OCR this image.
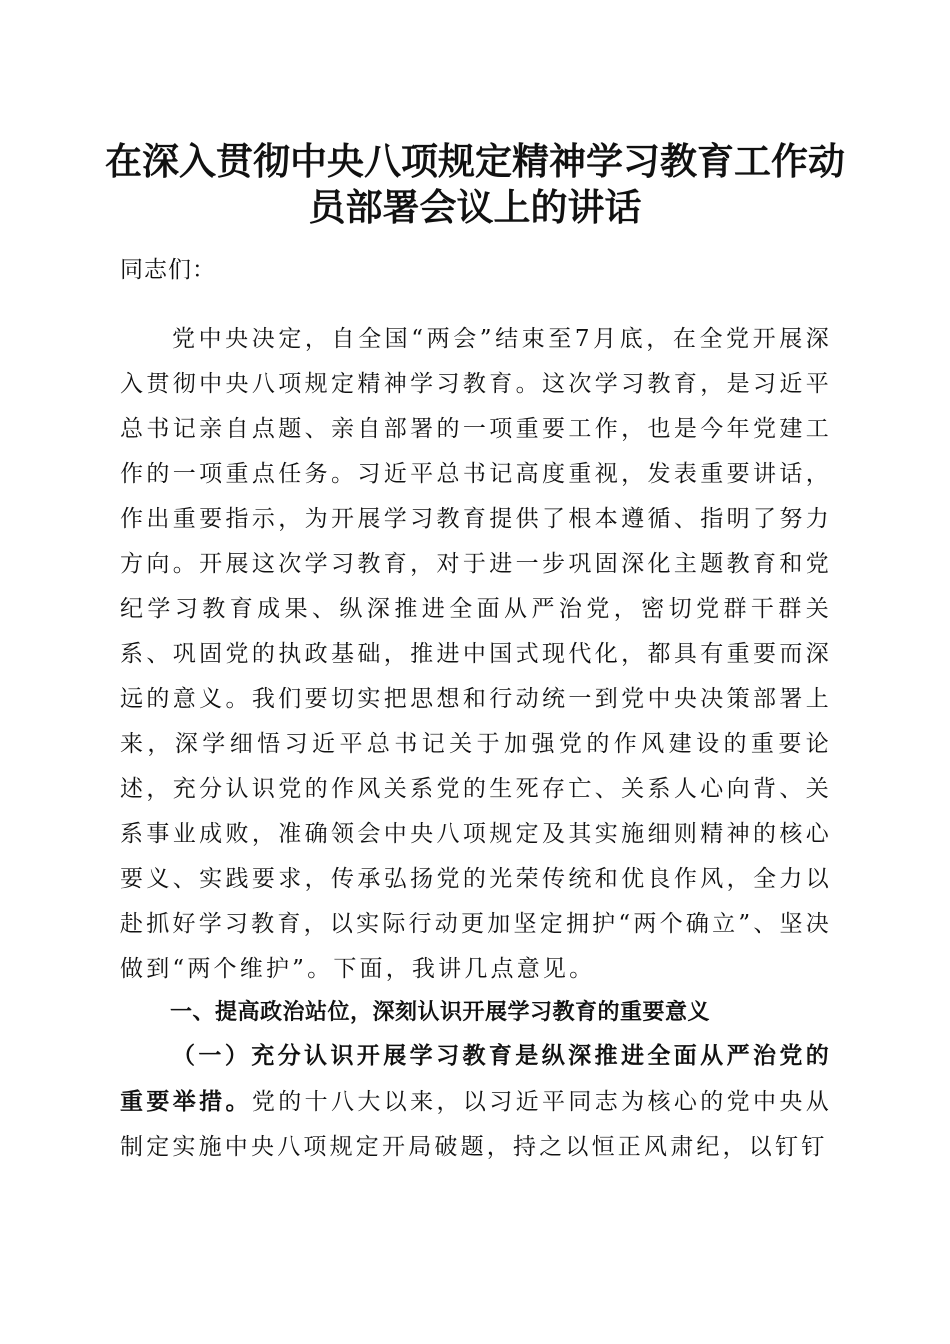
在深入贯彻中央八项规定精神学习教育工作动
员部署会议上的讲话

同志们：

党中央决定，自全国“两会”结束至7月底，在全党开展深入贯彻中央八项规定精神学习教育。这次学习教育，是习近平总书记亲自点题、亲自部署的一项重要工作，也是今年党建工作的一项重点任务。习近平总书记高度重视，发表重要讲话，作出重要指示，为开展学习教育提供了根本遵循、指明了努力方向。开展这次学习教育，对于进一步巩固深化主题教育和党纪学习教育成果、纵深推进全面从严治党，密切党群干群关系、巩固党的执政基础，推进中国式现代化，都具有重要而深远的意义。我们要切实把思想和行动统一到党中央决策部署上来，深学细悟习近平总书记关于加强党的作风建设的重要论述，充分认识党的作风关系党的生死存亡、关系人心向背、关系事业成败，准确领会中央八项规定及其实施细则精神的核心要义、实践要求，传承弘扬党的光荣传统和优良作风，全力以赴抓好学习教育，以实际行动更加坚定拥护“两个确立”、坚决做到“两个维护”。下面，我讲几点意见。

一、提高政治站位，深刻认识开展学习教育的重要意义

（一）充分认识开展学习教育是纵深推进全面从严治党的重要举措。党的十八大以来，以习近平同志为核心的党中央从制定实施中央八项规定开局破题，持之以恒正风肃纪，以钉钉
